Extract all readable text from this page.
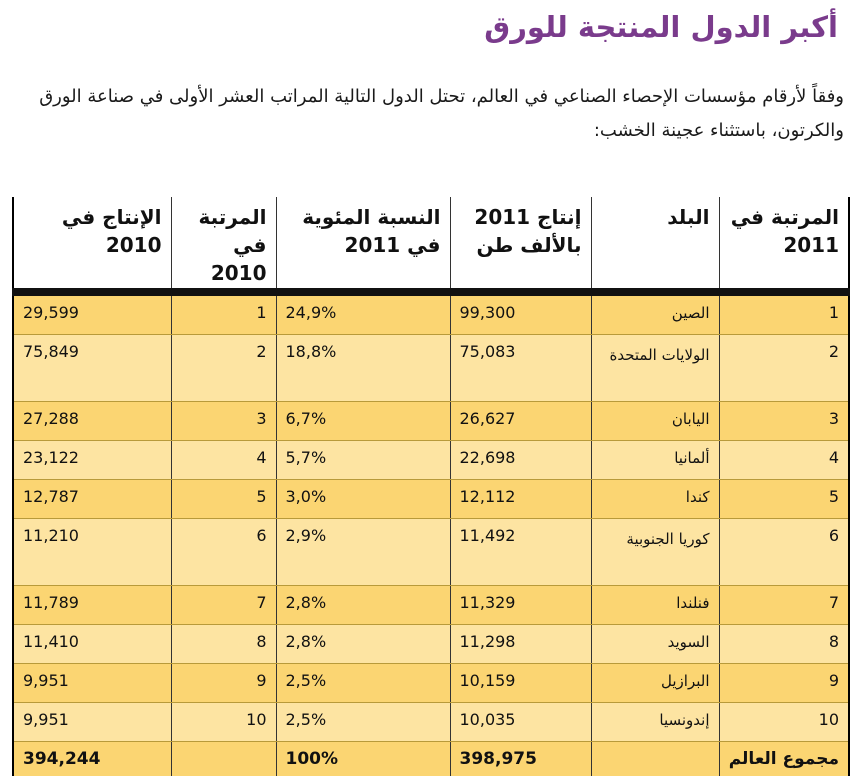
أكبر الدول المنتجة للورق

وفقاً لأرقام مؤسسات الإحصاء الصناعي في العالم، تحتل الدول التالية المراتب العشر الأولى في صناعة الورق والكرتون، باستثناء عجينة الخشب:

المرتبة في 2011	البلد	إنتاج 2011 بالألف طن	النسبة المئوية في 2011	المرتبة في 2010	الإنتاج في 2010
1	الصين	99,300	24,9%	1	29,599
2	الولايات المتحدة	75,083	18,8%	2	75,849
3	اليابان	26,627	6,7%	3	27,288
4	ألمانيا	22,698	5,7%	4	23,122
5	كندا	12,112	3,0%	5	12,787
6	كوريا الجنوبية	11,492	2,9%	6	11,210
7	فنلندا	11,329	2,8%	7	11,789
8	السويد	11,298	2,8%	8	11,410
9	البرازيل	10,159	2,5%	9	9,951
10	إندونسيا	10,035	2,5%	10	9,951
مجموع العالم		398,975	100%		394,244
